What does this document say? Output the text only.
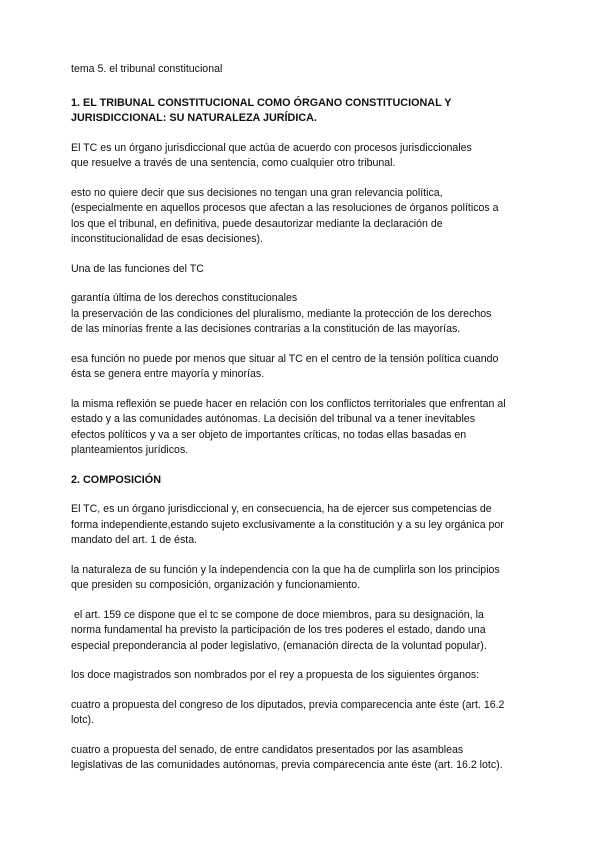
tema 5. el tribunal constitucional

1. EL TRIBUNAL CONSTITUCIONAL COMO ÓRGANO CONSTITUCIONAL Y
JURISDICCIONAL: SU NATURALEZA JURÍDICA.

El TC es un órgano jurisdiccional que actúa de acuerdo con procesos jurisdiccionales
que resuelve a través de una sentencia, como cualquier otro tribunal.

esto no quiere decir que sus decisiones no tengan una gran relevancia política,
(especialmente en aquellos procesos que afectan a las resoluciones de órganos políticos a
los que el tribunal, en definitiva, puede desautorizar mediante la declaración de
inconstitucionalidad de esas decisiones).

Una de las funciones del TC

garantía última de los derechos constitucionales
la preservación de las condiciones del pluralismo, mediante la protección de los derechos
de las minorías frente a las decisiones contrarias a la constitución de las mayorías.

esa función no puede por menos que situar al TC en el centro de la tensión política cuando
ésta se genera entre mayoría y minorías.

la misma reflexión se puede hacer en relación con los conflictos territoriales que enfrentan al
estado y a las comunidades autónomas. La decisión del tribunal va a tener inevitables
efectos políticos y va a ser objeto de importantes críticas, no todas ellas basadas en
planteamientos jurídicos.

2. COMPOSICIÓN

El TC, es un órgano jurisdiccional y, en consecuencia, ha de ejercer sus competencias de
forma independiente,estando sujeto exclusivamente a la constitución y a su ley orgánica por
mandato del art. 1 de ésta.

la naturaleza de su función y la independencia con la que ha de cumplirla son los principios
que presiden su composición, organización y funcionamiento.

el art. 159 ce dispone que el tc se compone de doce miembros, para su designación, la
norma fundamental ha previsto la participación de los tres poderes el estado, dando una
especial preponderancia al poder legislativo, (emanación directa de la voluntad popular).

los doce magistrados son nombrados por el rey a propuesta de los siguientes órganos:

cuatro a propuesta del congreso de los diputados, previa comparecencia ante éste (art. 16.2
lotc).

cuatro a propuesta del senado, de entre candidatos presentados por las asambleas
legislativas de las comunidades autónomas, previa comparecencia ante éste (art. 16.2 lotc).
